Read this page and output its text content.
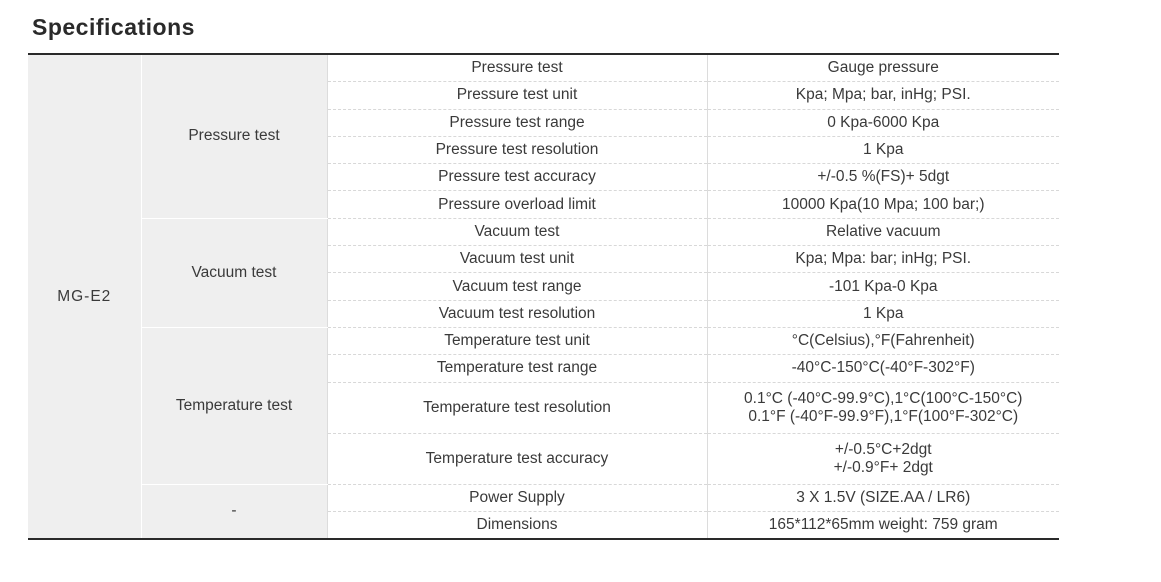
Specifications
MG-E2	Pressure test	Pressure test	Gauge pressure
		Pressure test unit	Kpa; Mpa; bar, inHg; PSI.
		Pressure test range	0 Kpa-6000 Kpa
		Pressure test resolution	1 Kpa
		Pressure test accuracy	+/-0.5 %(FS)+ 5dgt
		Pressure overload limit	10000 Kpa(10 Mpa; 100 bar;)
	Vacuum test	Vacuum test	Relative vacuum
		Vacuum test unit	Kpa; Mpa: bar; inHg; PSI.
		Vacuum test range	-101 Kpa-0 Kpa
		Vacuum test resolution	1 Kpa
	Temperature test	Temperature test unit	°C(Celsius),°F(Fahrenheit)
		Temperature test range	-40°C-150°C(-40°F-302°F)
		Temperature test resolution	0.1°C (-40°C-99.9°C),1°C(100°C-150°C)
0.1°F (-40°F-99.9°F),1°F(100°F-302°C)

		Temperature test accuracy	+/-0.5°C+2dgt
+/-0.9°F+ 2dgt

	-	Power Supply	3 X 1.5V (SIZE.AA / LR6)
		Dimensions	165*112*65mm weight: 759 gram
